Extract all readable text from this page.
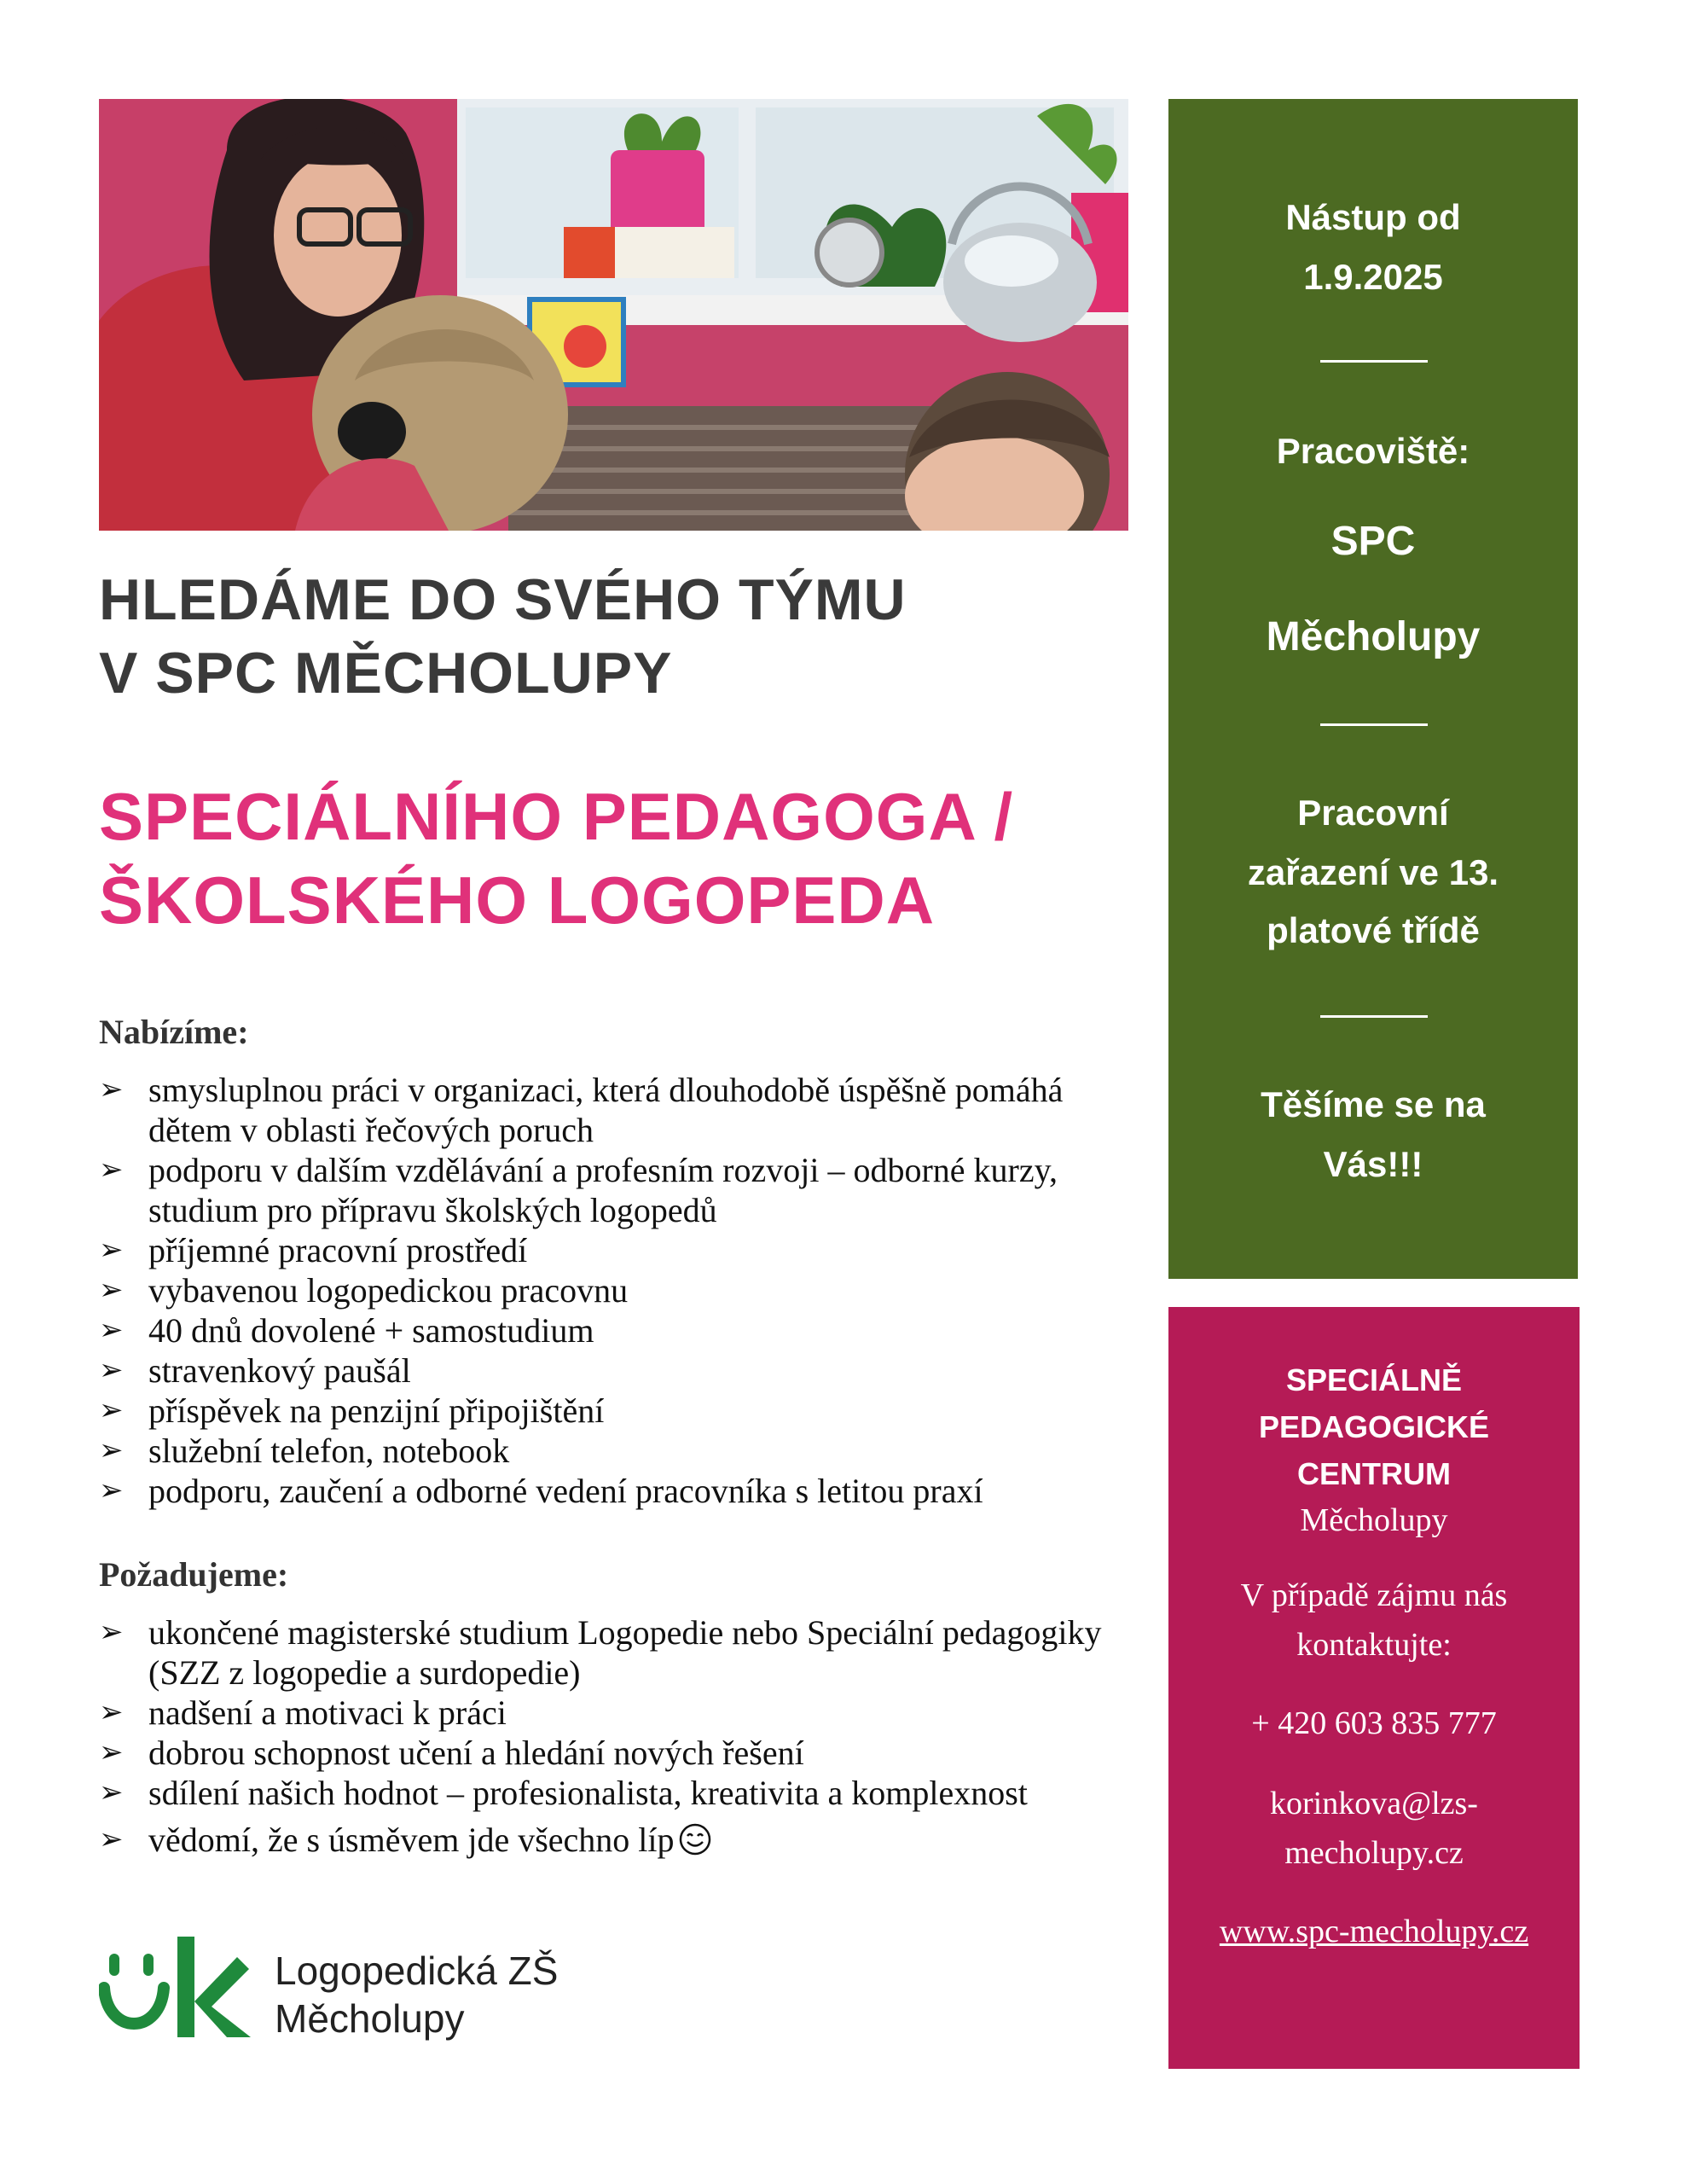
HLEDÁME DO SVÉHO TÝMU
V SPC MĚCHOLUPY
SPECIÁLNÍHO PEDAGOGA /
ŠKOLSKÉHO LOGOPEDA
Nabízíme:
➢ smysluplnou práci v organizaci, která dlouhodobě úspěšně pomáhá dětem v oblasti řečových poruch
➢ podporu v dalším vzdělávání a profesním rozvoji – odborné kurzy, studium pro přípravu školských logopedů
➢ příjemné pracovní prostředí
➢ vybavenou logopedickou pracovnu
➢ 40 dnů dovolené + samostudium
➢ stravenkový paušál
➢ příspěvek na penzijní připojištění
➢ služební telefon, notebook
➢ podporu, zaučení a odborné vedení pracovníka s letitou praxí
Požadujeme:
➢ ukončené magisterské studium Logopedie nebo Speciální pedagogiky (SZZ z logopedie a surdopedie)
➢ nadšení a motivaci k práci
➢ dobrou schopnost učení a hledání nových řešení
➢ sdílení našich hodnot – profesionalista, kreativita a komplexnost
➢ vědomí, že s úsměvem jde všechno líp
Nástup od
1.9.2025
Pracoviště:
SPC
Měcholupy
Pracovní
zařazení ve 13.
platové třídě
Těšíme se na
Vás!!!
SPECIÁLNĚ
PEDAGOGICKÉ
CENTRUM
Měcholupy
V případě zájmu nás
kontaktujte:
+ 420 603 835 777
korinkova@lzs-
mecholupy.cz
www.spc-mecholupy.cz
Logopedická ZŠ
Měcholupy
